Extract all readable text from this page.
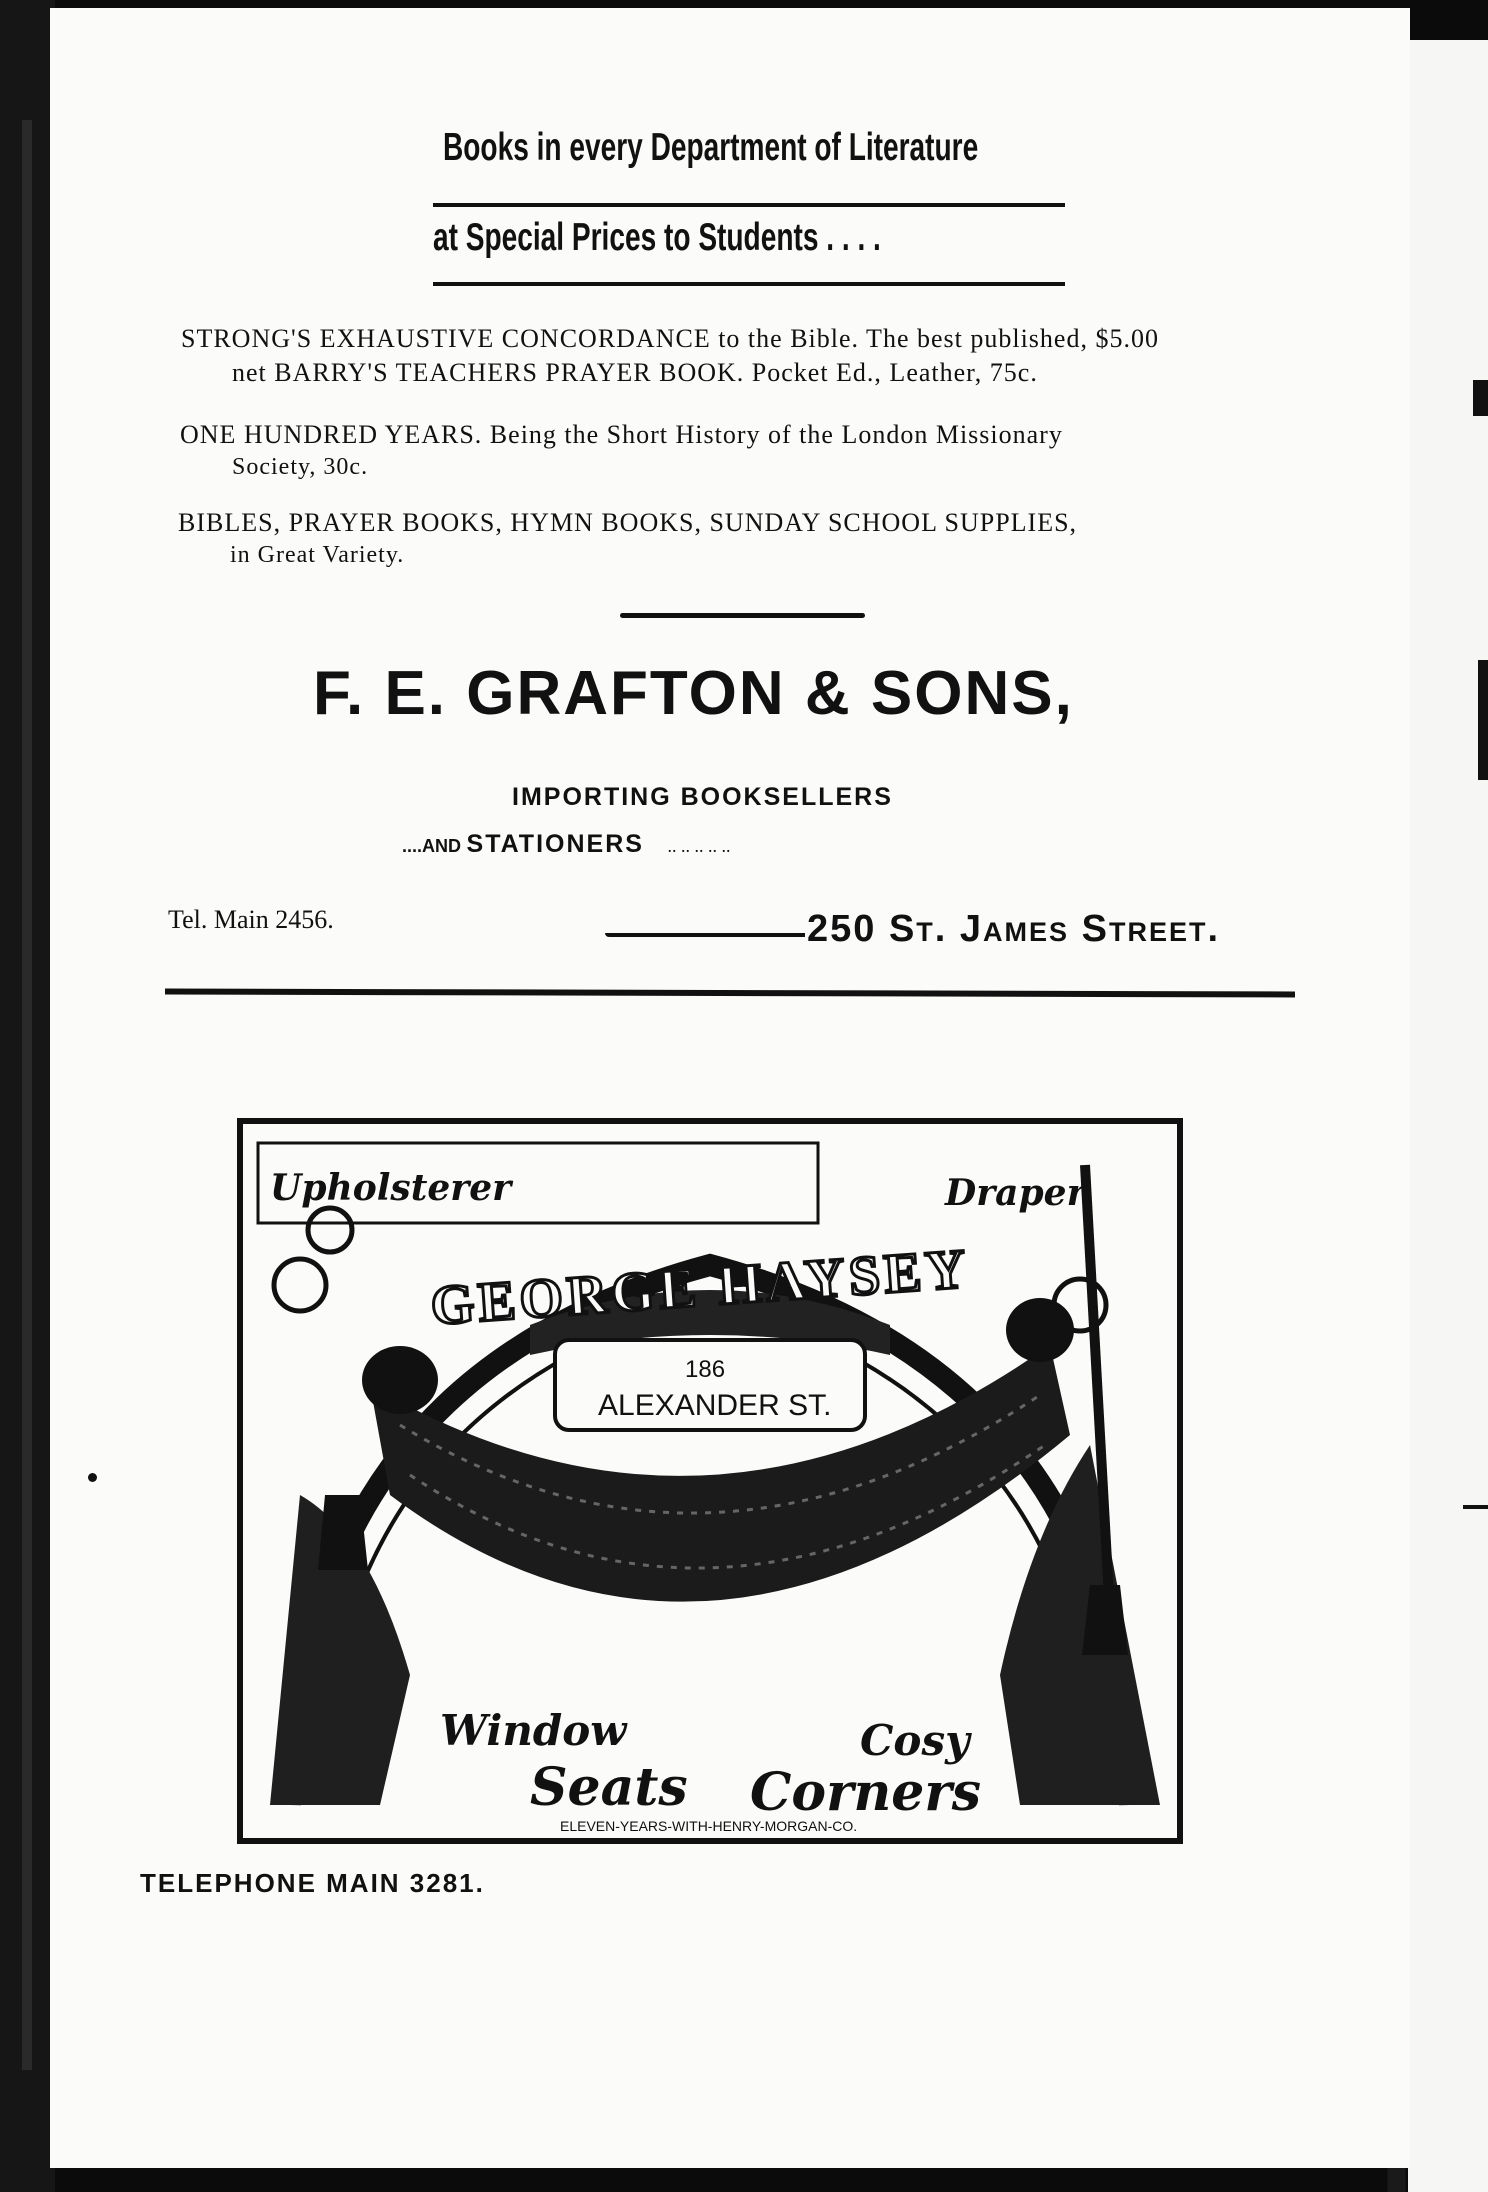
Books in every Department of Literature
at Special Prices to Students . . . .
STRONG'S EXHAUSTIVE CONCORDANCE to the Bible. The best published, $5.00
net BARRY'S TEACHERS PRAYER BOOK. Pocket Ed., Leather, 75c.
ONE HUNDRED YEARS. Being the Short History of the London Missionary
Society, 30c.
BIBLES, PRAYER BOOKS, HYMN BOOKS, SUNDAY SCHOOL SUPPLIES,
in Great Variety.
F. E. GRAFTON & SONS,
IMPORTING BOOKSELLERS
....AND STATIONERS .. .. .. .. ..
Tel. Main 2456.	250 St. James Street.
TELEPHONE MAIN 3281.
Upholsterer	Draper
GEORGE HAYSEY
186
ALEXANDER ST.
Window
Seats
Cosy
Corners
ELEVEN-YEARS-WITH-HENRY-MORGAN-CO.
